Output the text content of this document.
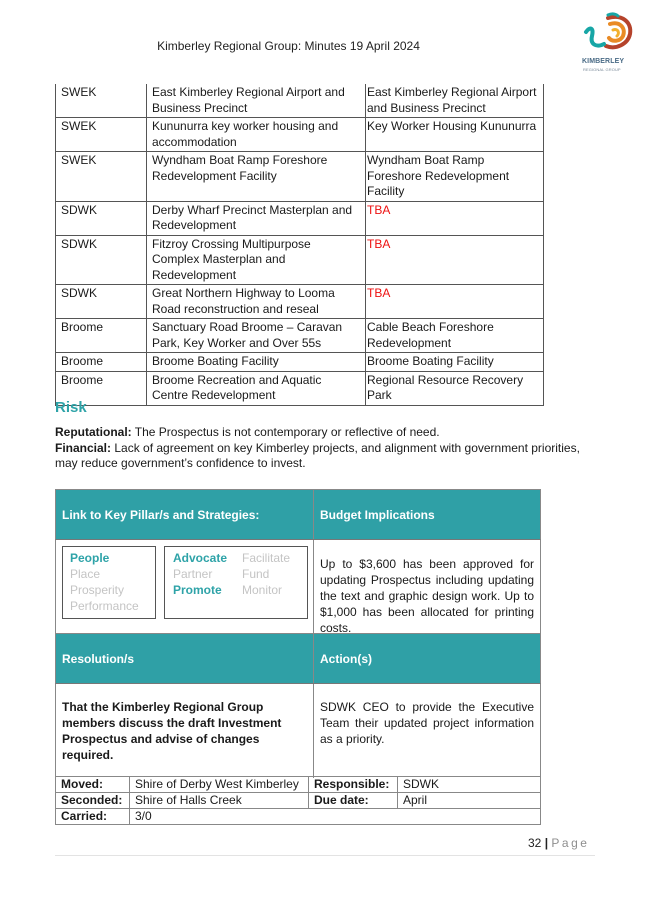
Kimberley Regional Group: Minutes 19 April 2024
KIMBERLEY
REGIONAL GROUP
SWEK	East Kimberley Regional Airport and Business Precinct	East Kimberley Regional Airport and Business Precinct
SWEK	Kununurra key worker housing and accommodation	Key Worker Housing Kununurra
SWEK	Wyndham Boat Ramp Foreshore Redevelopment Facility	Wyndham Boat Ramp Foreshore Redevelopment Facility
SDWK	Derby Wharf Precinct Masterplan and Redevelopment	TBA
SDWK	Fitzroy Crossing Multipurpose Complex Masterplan and Redevelopment	TBA
SDWK	Great Northern Highway to Looma Road reconstruction and reseal	TBA
Broome	Sanctuary Road Broome – Caravan Park, Key Worker and Over 55s	Cable Beach Foreshore Redevelopment
Broome	Broome Boating Facility	Broome Boating Facility
Broome	Broome Recreation and Aquatic Centre Redevelopment	Regional Resource Recovery Park
Risk
Reputational: The Prospectus is not contemporary or reflective of need.
Financial: Lack of agreement on key Kimberley projects, and alignment with government priorities, may reduce government’s confidence to invest.
Link to Key Pillar/s and Strategies:	Budget Implications
People
Place
Prosperity
Performance
Advocate	Facilitate
Partner	Fund
Promote	Monitor
Up to $3,600 has been approved for updating Prospectus including updating the text and graphic design work. Up to $1,000 has been allocated for printing costs.
Resolution/s	Action(s)
That the Kimberley Regional Group members discuss the draft Investment Prospectus and advise of changes required.
SDWK CEO to provide the Executive Team their updated project information as a priority.
Moved:	Shire of Derby West Kimberley	Responsible:	SDWK
Seconded:	Shire of Halls Creek	Due date:	April
Carried:	3/0		
32 | Page
